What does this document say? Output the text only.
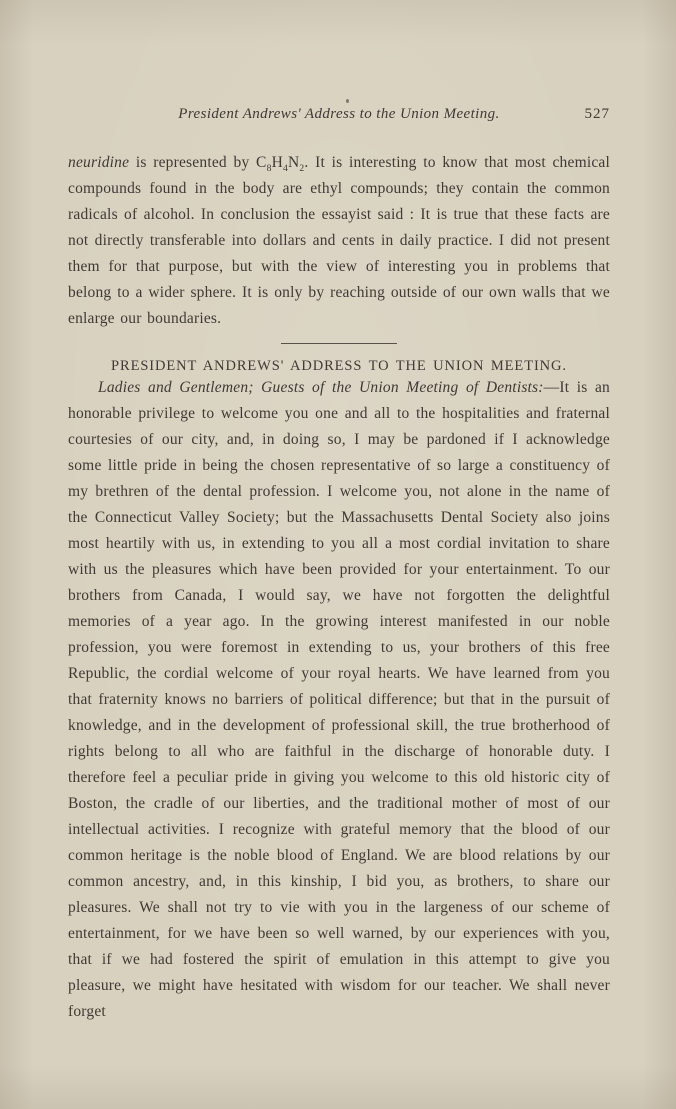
President Andrews' Address to the Union Meeting.	527

neuridine is represented by $C_8H_4N_2$. It is interesting to know that most chemical compounds found in the body are ethyl compounds; they contain the common radicals of alcohol. In conclusion the essayist said : It is true that these facts are not directly transferable into dollars and cents in daily practice. I did not present them for that purpose, but with the view of interesting you in problems that belong to a wider sphere. It is only by reaching outside of our own walls that we enlarge our boundaries.

PRESIDENT ANDREWS' ADDRESS TO THE UNION MEETING.

Ladies and Gentlemen; Guests of the Union Meeting of Dentists:—It is an honorable privilege to welcome you one and all to the hospitalities and fraternal courtesies of our city, and, in doing so, I may be pardoned if I acknowledge some little pride in being the chosen representative of so large a constituency of my brethren of the dental profession. I welcome you, not alone in the name of the Connecticut Valley Society; but the Massachusetts Dental Society also joins most heartily with us, in extending to you all a most cordial invitation to share with us the pleasures which have been provided for your entertainment. To our brothers from Canada, I would say, we have not forgotten the delightful memories of a year ago. In the growing interest manifested in our noble profession, you were foremost in extending to us, your brothers of this free Republic, the cordial welcome of your royal hearts. We have learned from you that fraternity knows no barriers of political difference; but that in the pursuit of knowledge, and in the development of professional skill, the true brotherhood of rights belong to all who are faithful in the discharge of honorable duty. I therefore feel a peculiar pride in giving you welcome to this old historic city of Boston, the cradle of our liberties, and the traditional mother of most of our intellectual activities. I recognize with grateful memory that the blood of our common heritage is the noble blood of England. We are blood relations by our common ancestry, and, in this kinship, I bid you, as brothers, to share our pleasures. We shall not try to vie with you in the largeness of our scheme of entertainment, for we have been so well warned, by our experiences with you, that if we had fostered the spirit of emulation in this attempt to give you pleasure, we might have hesitated with wisdom for our teacher. We shall never forget
